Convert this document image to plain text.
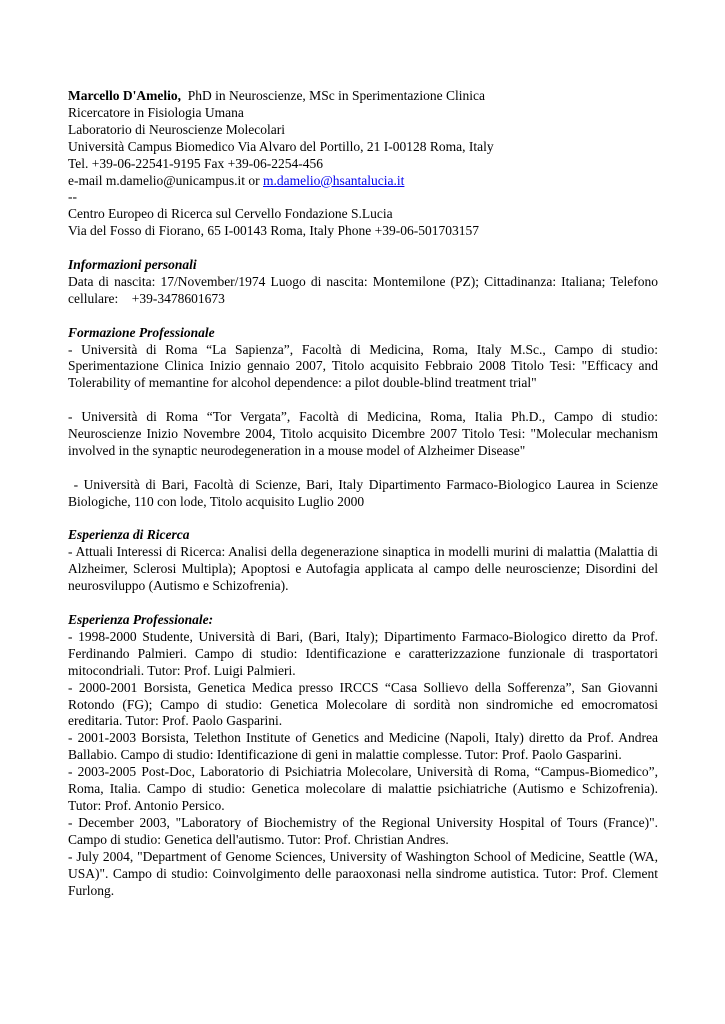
Marcello D'Amelio,  PhD in Neuroscienze, MSc in Sperimentazione Clinica
Ricercatore in Fisiologia Umana
Laboratorio di Neuroscienze Molecolari
Università Campus Biomedico Via Alvaro del Portillo, 21 I-00128 Roma, Italy
Tel. +39-06-22541-9195 Fax +39-06-2254-456
e-mail m.damelio@unicampus.it or m.damelio@hsantalucia.it
--
Centro Europeo di Ricerca sul Cervello Fondazione S.Lucia
Via del Fosso di Fiorano, 65 I-00143 Roma, Italy Phone +39-06-501703157
Informazioni personali

Data di nascita: 17/November/1974 Luogo di nascita: Montemilone (PZ); Cittadinanza: Italiana; Telefono cellulare:    +39-3478601673

Formazione Professionale

- Università di Roma “La Sapienza”, Facoltà di Medicina, Roma, Italy M.Sc., Campo di studio: Sperimentazione Clinica Inizio gennaio 2007, Titolo acquisito Febbraio 2008 Titolo Tesi: "Efficacy and Tolerability of memantine for alcohol dependence: a pilot double-blind treatment trial"

- Università di Roma “Tor Vergata”, Facoltà di Medicina, Roma, Italia Ph.D., Campo di studio: Neuroscienze Inizio Novembre 2004, Titolo acquisito Dicembre 2007 Titolo Tesi: "Molecular mechanism involved in the synaptic neurodegeneration in a mouse model of Alzheimer Disease"

- Università di Bari, Facoltà di Scienze, Bari, Italy Dipartimento Farmaco-Biologico Laurea in Scienze Biologiche, 110 con lode, Titolo acquisito Luglio 2000

Esperienza di Ricerca

- Attuali Interessi di Ricerca: Analisi della degenerazione sinaptica in modelli murini di malattia (Malattia di Alzheimer, Sclerosi Multipla); Apoptosi e Autofagia applicata al campo delle neuroscienze; Disordini del neurosviluppo (Autismo e Schizofrenia).

Esperienza Professionale:

- 1998-2000 Studente, Università di Bari, (Bari, Italy); Dipartimento Farmaco-Biologico diretto da Prof. Ferdinando Palmieri. Campo di studio: Identificazione e caratterizzazione funzionale di trasportatori mitocondriali. Tutor: Prof. Luigi Palmieri.

- 2000-2001 Borsista, Genetica Medica presso IRCCS “Casa Sollievo della Sofferenza”, San Giovanni Rotondo (FG); Campo di studio: Genetica Molecolare di sordità non sindromiche ed emocromatosi ereditaria. Tutor: Prof. Paolo Gasparini.

- 2001-2003 Borsista, Telethon Institute of Genetics and Medicine (Napoli, Italy) diretto da Prof. Andrea Ballabio. Campo di studio: Identificazione di geni in malattie complesse. Tutor: Prof. Paolo Gasparini.

- 2003-2005 Post-Doc, Laboratorio di Psichiatria Molecolare, Università di Roma, “Campus-Biomedico”, Roma, Italia. Campo di studio: Genetica molecolare di malattie psichiatriche (Autismo e Schizofrenia). Tutor: Prof. Antonio Persico.

- December 2003, "Laboratory of Biochemistry of the Regional University Hospital of Tours (France)". Campo di studio: Genetica dell'autismo. Tutor: Prof. Christian Andres.

- July 2004, "Department of Genome Sciences, University of Washington School of Medicine, Seattle (WA, USA)". Campo di studio: Coinvolgimento delle paraoxonasi nella sindrome autistica. Tutor: Prof. Clement Furlong.
